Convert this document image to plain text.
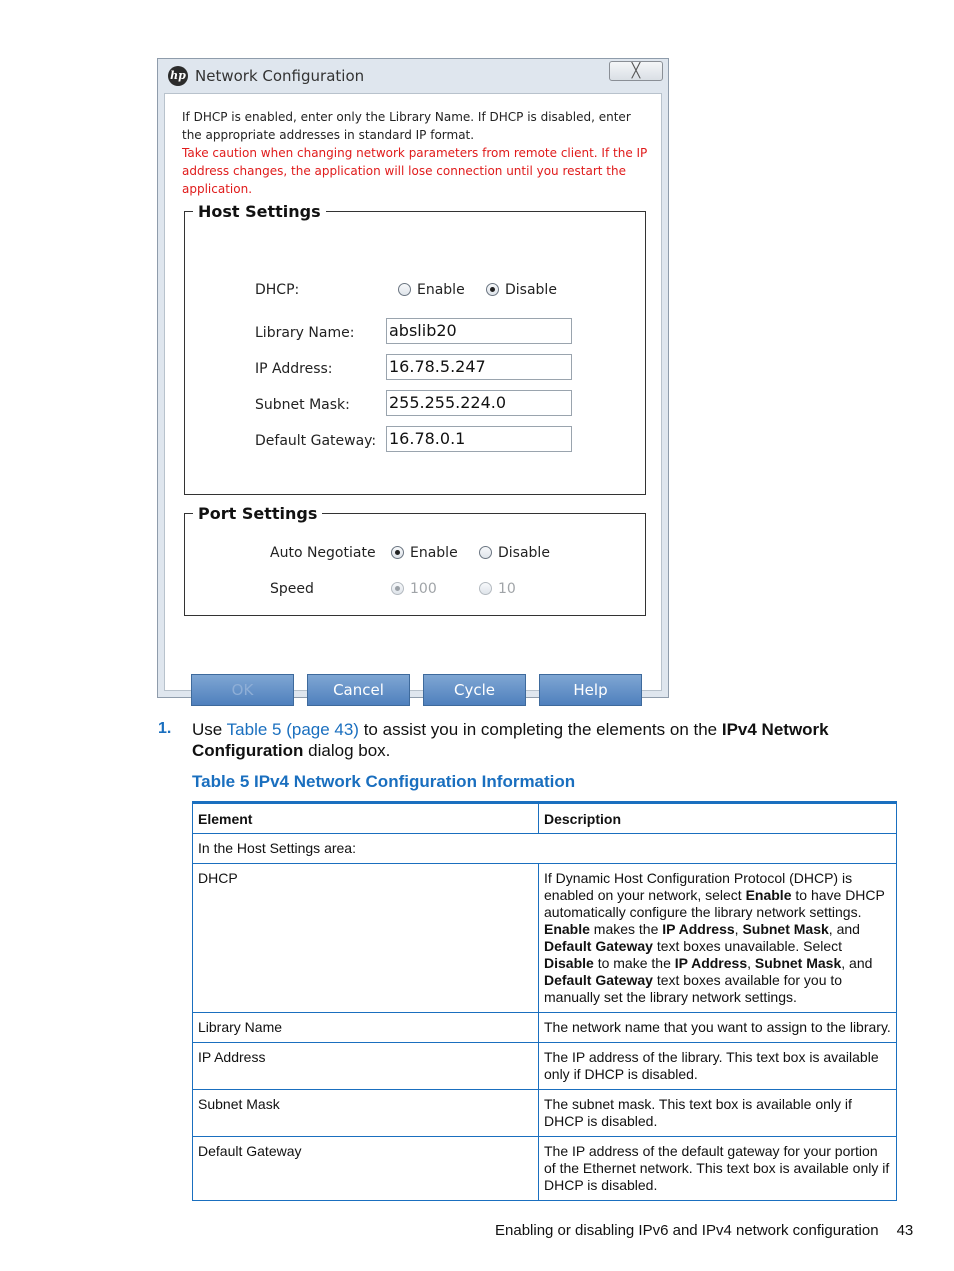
hp Network Configuration	╳
If DHCP is enabled, enter only the Library Name. If DHCP is disabled, enter the appropriate addresses in standard IP format.
Take caution when changing network parameters from remote client. If the IP address changes, the application will lose connection until you restart the application.
Host Settings
DHCP:	Enable	Disable
Library Name: abslib20
IP Address:	16.78.5.247
Subnet Mask: 255.255.224.0
Default Gateway: 16.78.0.1
Port Settings
Auto Negotiate	Enable	Disable
Speed	100	10
OK	Cancel	Cycle	Help
1. Use Table 5 (page 43) to assist you in completing the elements on the IPv4 Network Configuration dialog box.
Table 5 IPv4 Network Configuration Information
Element	Description
In the Host Settings area:	
DHCP	If Dynamic Host Configuration Protocol (DHCP) is enabled on your network, select Enable to have DHCP automatically configure the library network settings. Enable makes the IP Address, Subnet Mask, and Default Gateway text boxes unavailable. Select Disable to make the IP Address, Subnet Mask, and Default Gateway text boxes available for you to manually set the library network settings.
Library Name	The network name that you want to assign to the library.
IP Address	The IP address of the library. This text box is available only if DHCP is disabled.
Subnet Mask	The subnet mask. This text box is available only if DHCP is disabled.
Default Gateway	The IP address of the default gateway for your portion of the Ethernet network. This text box is available only if DHCP is disabled.
Enabling or disabling IPv6 and IPv4 network configuration 43
